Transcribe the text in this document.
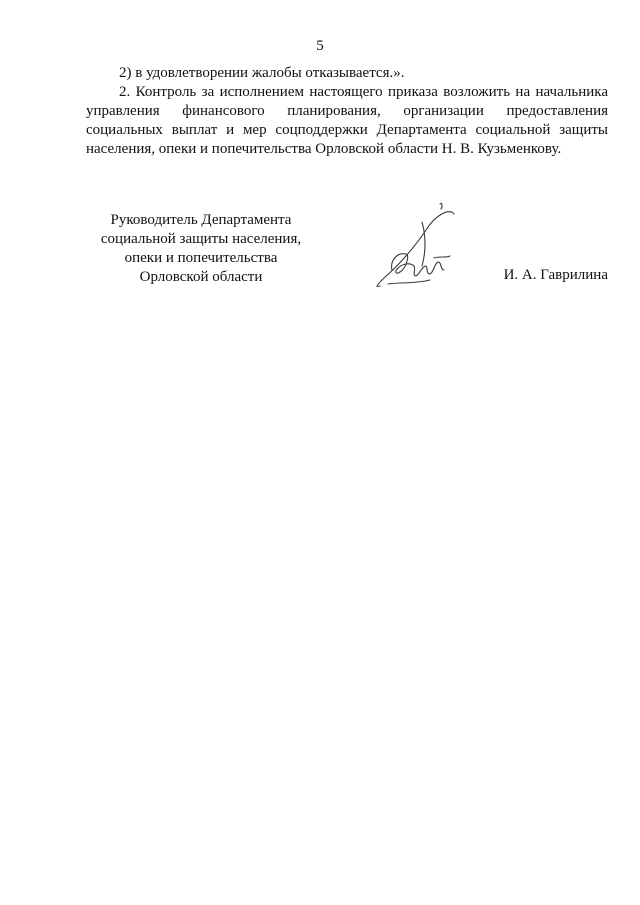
5

2) в удовлетворении жалобы отказывается.».

2. Контроль за исполнением настоящего приказа возложить на начальника управления финансового планирования, организации предоставления социальных выплат и мер соцподдержки Департамента социальной защиты населения, опеки и попечительства Орловской области Н. В. Кузьменкову.

Руководитель Департамента
социальной защиты населения,
опеки и попечительства
Орловской области	И. А. Гаврилина
